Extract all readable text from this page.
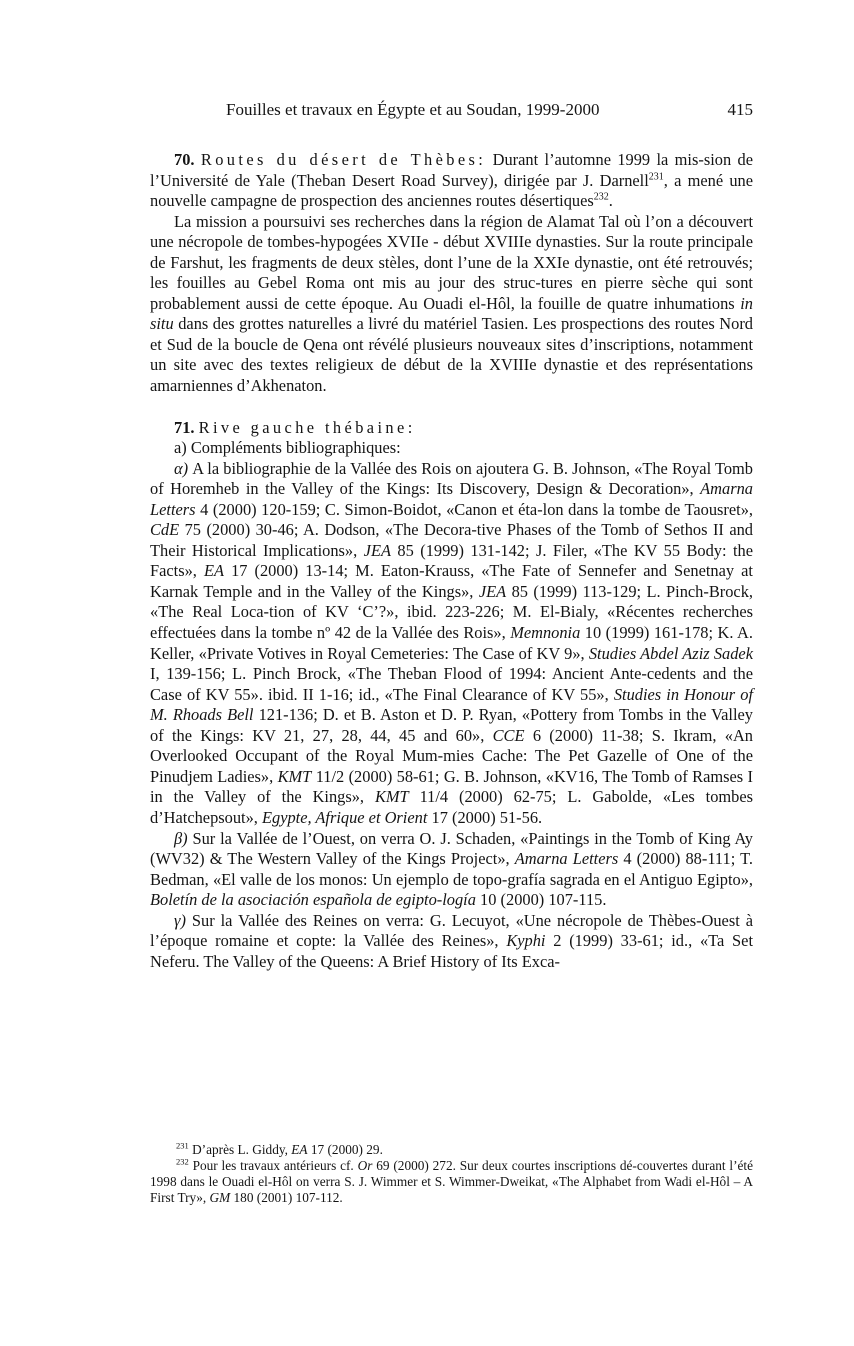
Fouilles et travaux en Égypte et au Soudan, 1999-2000	415

70. Routes du désert de Thèbes: Durant l’automne 1999 la mis-sion de l’Université de Yale (Theban Desert Road Survey), dirigée par J. Darnell$^{231}$, a mené une nouvelle campagne de prospection des anciennes routes désertiques$^{232}$.

La mission a poursuivi ses recherches dans la région de Alamat Tal où l’on a découvert une nécropole de tombes-hypogées XVIIe - début XVIIIe dynasties. Sur la route principale de Farshut, les fragments de deux stèles, dont l’une de la XXIe dynastie, ont été retrouvés; les fouilles au Gebel Roma ont mis au jour des struc-tures en pierre sèche qui sont probablement aussi de cette époque. Au Ouadi el-Hôl, la fouille de quatre inhumations in situ dans des grottes naturelles a livré du matériel Tasien. Les prospections des routes Nord et Sud de la boucle de Qena ont révélé plusieurs nouveaux sites d’inscriptions, notamment un site avec des textes religieux de début de la XVIIIe dynastie et des représentations amarniennes d’Akhenaton.

71. Rive gauche thébaine:

a) Compléments bibliographiques:

α) A la bibliographie de la Vallée des Rois on ajoutera G. B. Johnson, «The Royal Tomb of Horemheb in the Valley of the Kings: Its Discovery, Design & Decoration», Amarna Letters 4 (2000) 120-159; C. Simon-Boidot, «Canon et éta-lon dans la tombe de Taousret», CdE 75 (2000) 30-46; A. Dodson, «The Decora-tive Phases of the Tomb of Sethos II and Their Historical Implications», JEA 85 (1999) 131-142; J. Filer, «The KV 55 Body: the Facts», EA 17 (2000) 13-14; M. Eaton-Krauss, «The Fate of Sennefer and Senetnay at Karnak Temple and in the Valley of the Kings», JEA 85 (1999) 113-129; L. Pinch-Brock, «The Real Loca-tion of KV ‘C’?», ibid. 223-226; M. El-Bialy, «Récentes recherches effectuées dans la tombe nº 42 de la Vallée des Rois», Memnonia 10 (1999) 161-178; K. A. Keller, «Private Votives in Royal Cemeteries: The Case of KV 9», Studies Abdel Aziz Sadek I, 139-156; L. Pinch Brock, «The Theban Flood of 1994: Ancient Ante-cedents and the Case of KV 55». ibid. II 1-16; id., «The Final Clearance of KV 55», Studies in Honour of M. Rhoads Bell 121-136; D. et B. Aston et D. P. Ryan, «Pottery from Tombs in the Valley of the Kings: KV 21, 27, 28, 44, 45 and 60», CCE 6 (2000) 11-38; S. Ikram, «An Overlooked Occupant of the Royal Mum-mies Cache: The Pet Gazelle of One of the Pinudjem Ladies», KMT 11/2 (2000) 58-61; G. B. Johnson, «KV16, The Tomb of Ramses I in the Valley of the Kings», KMT 11/4 (2000) 62-75; L. Gabolde, «Les tombes d’Hatchepsout», Egypte, Afrique et Orient 17 (2000) 51-56.

β) Sur la Vallée de l’Ouest, on verra O. J. Schaden, «Paintings in the Tomb of King Ay (WV32) & The Western Valley of the Kings Project», Amarna Letters 4 (2000) 88-111; T. Bedman, «El valle de los monos: Un ejemplo de topo-grafía sagrada en el Antiguo Egipto», Boletín de la asociación española de egipto-logía 10 (2000) 107-115.

γ) Sur la Vallée des Reines on verra: G. Lecuyot, «Une nécropole de Thèbes-Ouest à l’époque romaine et copte: la Vallée des Reines», Kyphi 2 (1999) 33-61; id., «Ta Set Neferu. The Valley of the Queens: A Brief History of Its Exca-

$^{231}$ D’après L. Giddy, EA 17 (2000) 29.

$^{232}$ Pour les travaux antérieurs cf. Or 69 (2000) 272. Sur deux courtes inscriptions dé-couvertes durant l’été 1998 dans le Ouadi el-Hôl on verra S. J. Wimmer et S. Wimmer-Dweikat, «The Alphabet from Wadi el-Hôl – A First Try», GM 180 (2001) 107-112.
